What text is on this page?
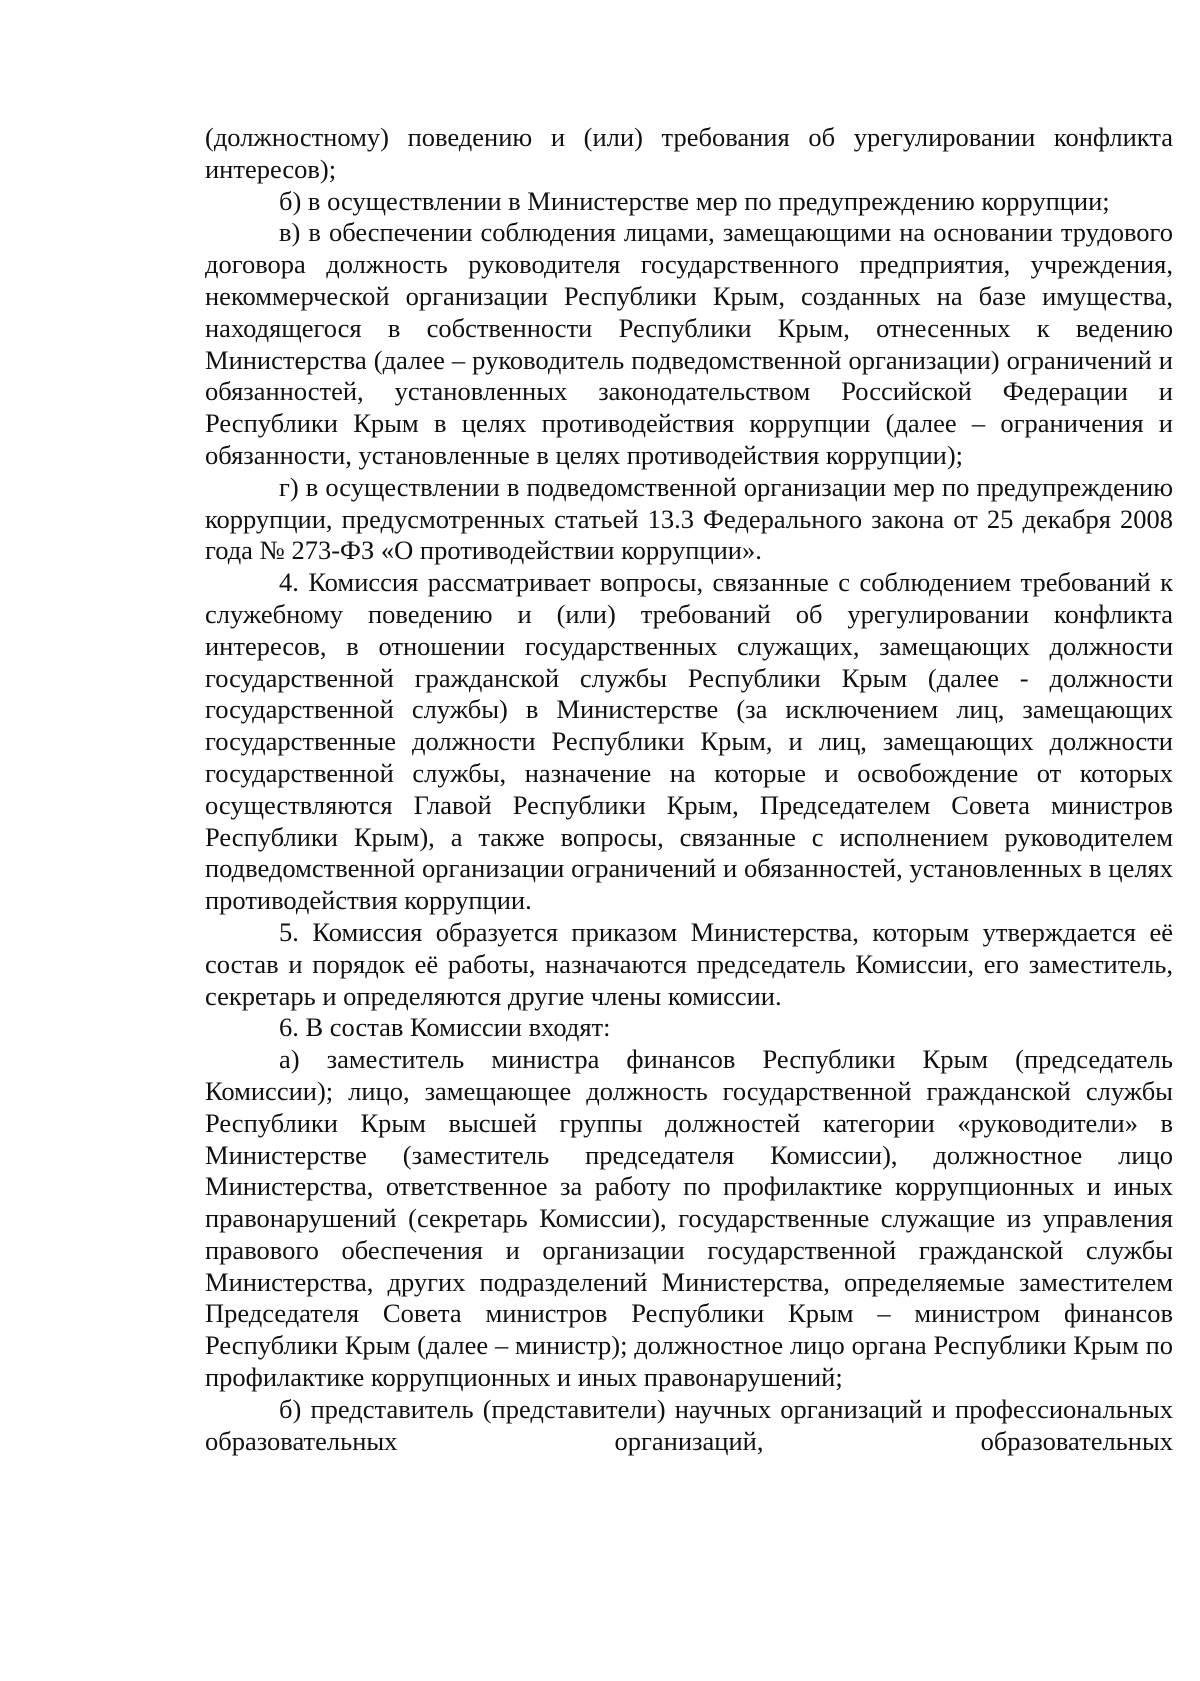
(должностному) поведению и (или) требования об урегулировании конфликта интересов);

б) в осуществлении в Министерстве мер по предупреждению коррупции;

в) в обеспечении соблюдения лицами, замещающими на основании трудового договора должность руководителя государственного предприятия, учреждения, некоммерческой организации Республики Крым, созданных на базе имущества, находящегося в собственности Республики Крым, отнесенных к ведению Министерства (далее – руководитель подведомственной организации) ограничений и обязанностей, установленных законодательством Российской Федерации и Республики Крым в целях противодействия коррупции (далее – ограничения и обязанности, установленные в целях противодействия коррупции);

г) в осуществлении в подведомственной организации мер по предупреждению коррупции, предусмотренных статьей 13.3 Федерального закона от 25 декабря 2008 года № 273-ФЗ «О противодействии коррупции».

4. Комиссия рассматривает вопросы, связанные с соблюдением требований к служебному поведению и (или) требований об урегулировании конфликта интересов, в отношении государственных служащих, замещающих должности государственной гражданской службы Республики Крым (далее - должности государственной службы) в Министерстве (за исключением лиц, замещающих государственные должности Республики Крым, и лиц, замещающих должности государственной службы, назначение на которые и освобождение от которых осуществляются Главой Республики Крым, Председателем Совета министров Республики Крым), а также вопросы, связанные с исполнением руководителем подведомственной организации ограничений и обязанностей, установленных в целях противодействия коррупции.

5. Комиссия образуется приказом Министерства, которым утверждается её состав и порядок её работы, назначаются председатель Комиссии, его заместитель, секретарь и определяются другие члены комиссии.

6. В состав Комиссии входят:

а) заместитель министра финансов Республики Крым (председатель Комиссии); лицо, замещающее должность государственной гражданской службы Республики Крым высшей группы должностей категории «руководители» в Министерстве (заместитель председателя Комиссии), должностное лицо Министерства, ответственное за работу по профилактике коррупционных и иных правонарушений (секретарь Комиссии), государственные служащие из управления правового обеспечения и организации государственной гражданской службы Министерства, других подразделений Министерства, определяемые заместителем Председателя Совета министров Республики Крым – министром финансов Республики Крым (далее – министр); должностное лицо органа Республики Крым по профилактике коррупционных и иных правонарушений;

б) представитель (представители) научных организаций и профессиональных образовательных организаций, образовательных
